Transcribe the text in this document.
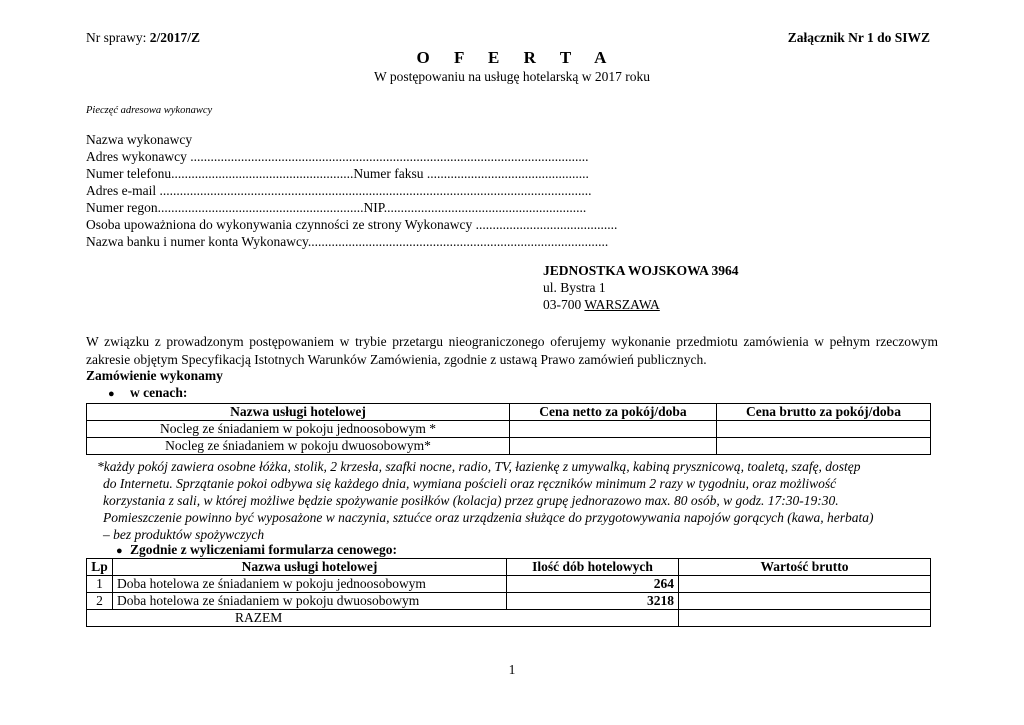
Nr sprawy: 2/2017/Z	Załącznik Nr 1 do SIWZ
O F E R T A
W postępowaniu na usługę hotelarską w 2017 roku
Pieczęć adresowa wykonawcy
Nazwa wykonawcy
Adres wykonawcy ......................................................................................................................
Numer telefonu......................................................Numer faksu ................................................
Adres e-mail ................................................................................................................................
Numer regon.............................................................NIP............................................................
Osoba upoważniona do wykonywania czynności ze strony Wykonawcy ..........................................
Nazwa banku i numer konta Wykonawcy.........................................................................................
JEDNOSTKA WOJSKOWA 3964
ul. Bystra 1
03-700 WARSZAWA
W związku z prowadzonym postępowaniem w trybie przetargu nieograniczonego oferujemy wykonanie przedmiotu zamówienia w pełnym rzeczowym zakresie objętym Specyfikacją Istotnych Warunków Zamówienia, zgodnie z ustawą Prawo zamówień publicznych.
Zamówienie wykonamy
● w cenach:
Nazwa usługi hotelowej	Cena netto za pokój/doba	Cena brutto za pokój/doba
Nocleg ze śniadaniem w pokoju jednoosobowym *		
Nocleg ze śniadaniem w pokoju dwuosobowym*		

*każdy pokój zawiera osobne łóżka, stolik, 2 krzesła, szafki nocne, radio, TV, łazienkę z umywalką, kabiną prysznicową, toaletą, szafę, dostęp

do Internetu. Sprzątanie pokoi odbywa się każdego dnia, wymiana pościeli oraz ręczników minimum 2 razy w tygodniu, oraz możliwość

korzystania z sali, w której możliwe będzie spożywanie posiłków (kolacja) przez grupę jednorazowo max. 80 osób, w godz. 17:30-19:30.

Pomieszczenie powinno być wyposażone w naczynia, sztućce oraz urządzenia służące do przygotowywania napojów gorących (kawa, herbata)

– bez produktów spożywczych

● Zgodnie z wyliczeniami formularza cenowego:
Lp	Nazwa usługi hotelowej	Ilość dób hotelowych	Wartość brutto
1	Doba hotelowa ze śniadaniem w pokoju jednoosobowym	264	
2	Doba hotelowa ze śniadaniem w pokoju dwuosobowym	3218	
RAZEM			
1
